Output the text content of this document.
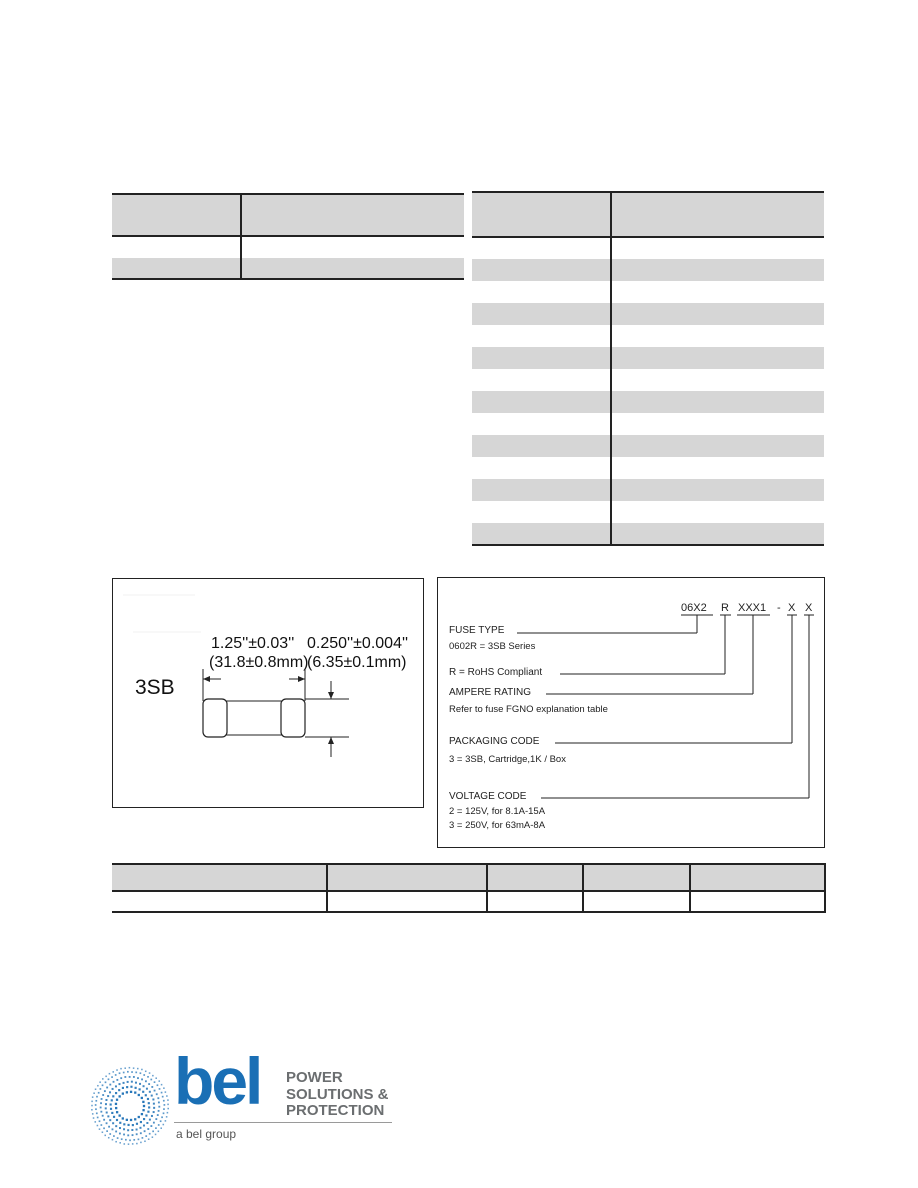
3SB
1.25''±0.03''
(31.8±0.8mm)
0.250''±0.004''
(6.35±0.1mm)
06X2 R XXX1 - X X
FUSE TYPE
0602R = 3SB Series
R = RoHS Compliant
AMPERE RATING
Refer to fuse FGNO explanation table
PACKAGING CODE
3 = 3SB, Cartridge,1K / Box
VOLTAGE CODE
2 = 125V, for 8.1A-15A
3 = 250V, for 63mA-8A

bel POWER
SOLUTIONS &
PROTECTION
a bel group
